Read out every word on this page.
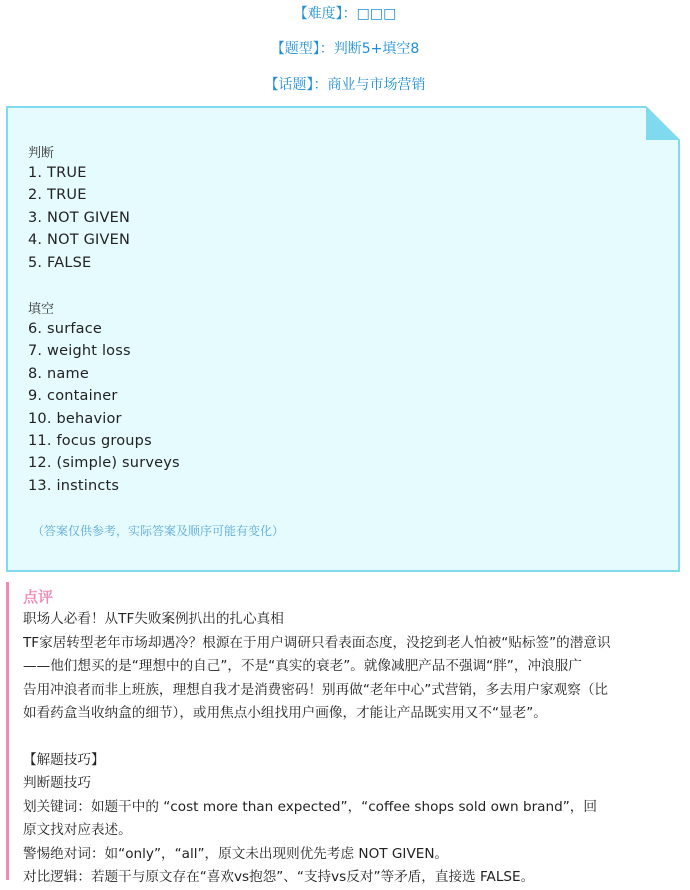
【难度】：□□□
【题型】：判断5+填空8
【话题】：商业与市场营销
判断
1. TRUE
2. TRUE
3. NOT GIVEN
4. NOT GIVEN
5. FALSE
填空
6. surface
7. weight loss
8. name
9. container
10. behavior
11. focus groups
12. (simple) surveys
13. instincts
（答案仅供参考，实际答案及顺序可能有变化）
点评

职场人必看！从TF失败案例扒出的扎心真相

TF家居转型老年市场却遇冷？根源在于用户调研只看表面态度，没挖到老人怕被“贴标签”的潜意识

——他们想买的是“理想中的自己”，不是“真实的衰老”。就像减肥产品不强调“胖”，冲浪服广

告用冲浪者而非上班族，理想自我才是消费密码！别再做“老年中心”式营销，多去用户家观察（比

如看药盒当收纳盒的细节），或用焦点小组找用户画像，才能让产品既实用又不“显老”。

【解题技巧】

判断题技巧

划关键词：如题干中的 “cost more than expected”，“coffee shops sold own brand”，回

原文找对应表述。

警惕绝对词：如“only”，“all”，原文未出现则优先考虑 NOT GIVEN。

对比逻辑：若题干与原文存在“喜欢vs抱怨”、“支持vs反对”等矛盾，直接选 FALSE。
